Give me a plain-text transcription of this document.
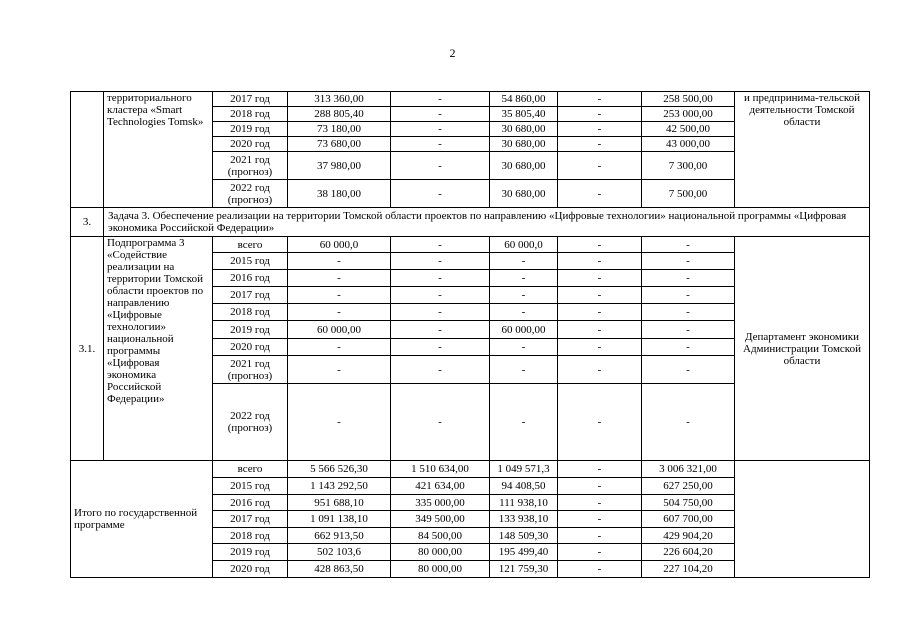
2
	территориального кластера «Smart Technologies Tomsk»	2017 год	313 360,00	-	54 860,00	-	258 500,00	и предпринима-тельской деятельности Томской области
		2018 год	288 805,40	-	35 805,40	-	253 000,00	
		2019 год	73 180,00	-	30 680,00	-	42 500,00	
		2020 год	73 680,00	-	30 680,00	-	43 000,00	
		2021 год (прогноз)	37 980,00	-	30 680,00	-	7 300,00	
		2022 год (прогноз)	38 180,00	-	30 680,00	-	7 500,00	
3.	Задача 3. Обеспечение реализации на территории Томской области проектов по направлению «Цифровые технологии» национальной программы «Цифровая экономика Российской Федерации»							
3.1.	Подпрограмма 3 «Содействие реализации на территории Томской области проектов по направлению «Цифровые технологии» национальной программы «Цифровая экономика Российской Федерации»	всего	60 000,0	-	60 000,0	-	-	Департамент экономики Администрации Томской области
		2015 год	-	-	-	-	-	
		2016 год	-	-	-	-	-	
		2017 год	-	-	-	-	-	
		2018 год	-	-	-	-	-	
		2019 год	60 000,00	-	60 000,00	-	-	
		2020 год	-	-	-	-	-	
		2021 год (прогноз)	-	-	-	-	-	
		2022 год (прогноз)	-	-	-	-	-	
Итого по государственной программе		всего	5 566 526,30	1 510 634,00	1 049 571,3	-	3 006 321,00	
		2015 год	1 143 292,50	421 634,00	94 408,50	-	627 250,00	
		2016 год	951 688,10	335 000,00	111 938,10	-	504 750,00	
		2017 год	1 091 138,10	349 500,00	133 938,10	-	607 700,00	
		2018 год	662 913,50	84 500,00	148 509,30	-	429 904,20	
		2019 год	502 103,6	80 000,00	195 499,40	-	226 604,20	
		2020 год	428 863,50	80 000,00	121 759,30	-	227 104,20	
